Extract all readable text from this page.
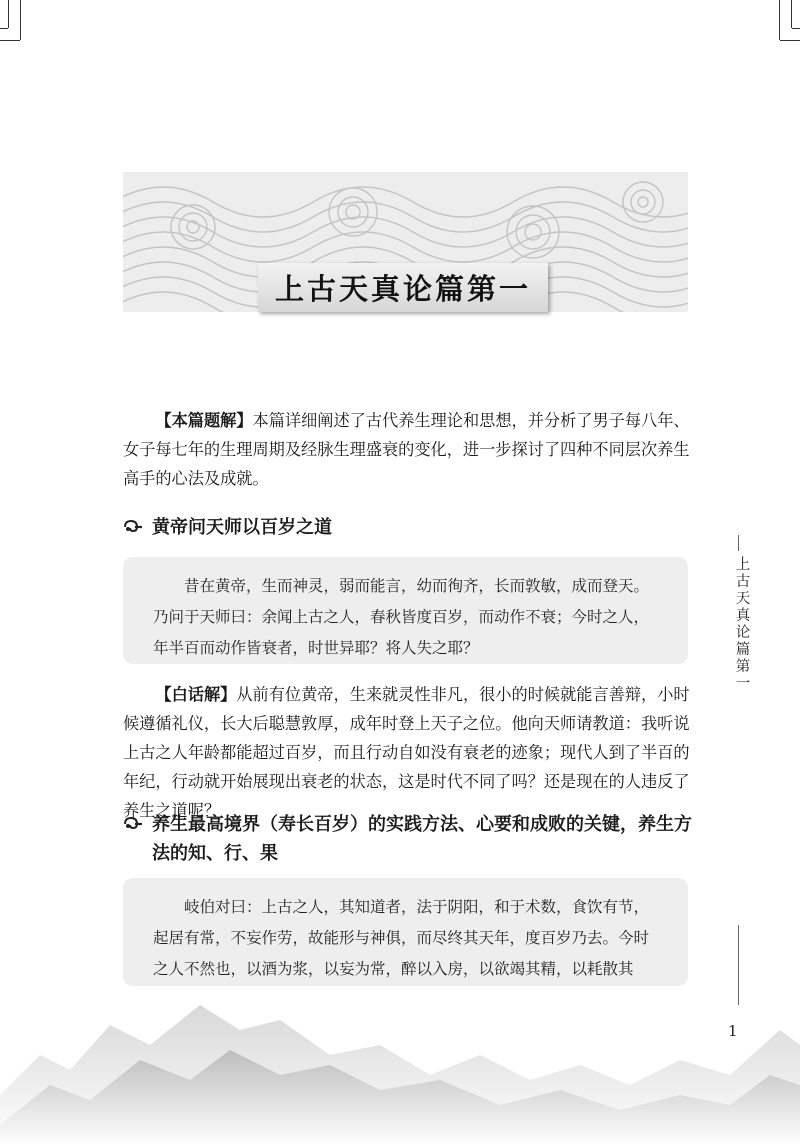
上古天真论篇第一

【本篇题解】本篇详细阐述了古代养生理论和思想，并分析了男子每八年、女子每七年的生理周期及经脉生理盛衰的变化，进一步探讨了四种不同层次养生高手的心法及成就。

黄帝问天师以百岁之道

昔在黄帝，生而神灵，弱而能言，幼而徇齐，长而敦敏，成而登天。乃问于天师曰：余闻上古之人，春秋皆度百岁，而动作不衰；今时之人，年半百而动作皆衰者，时世异耶？将人失之耶？

【白话解】从前有位黄帝，生来就灵性非凡，很小的时候就能言善辩，小时候遵循礼仪，长大后聪慧敦厚，成年时登上天子之位。他向天师请教道：我听说上古之人年龄都能超过百岁，而且行动自如没有衰老的迹象；现代人到了半百的年纪，行动就开始展现出衰老的状态，这是时代不同了吗？还是现在的人违反了养生之道呢？

养生最高境界（寿长百岁）的实践方法、心要和成败的关键，养生方法的知、行、果

岐伯对曰：上古之人，其知道者，法于阴阳，和于术数，食饮有节，起居有常，不妄作劳，故能形与神俱，而尽终其天年，度百岁乃去。今时之人不然也，以酒为浆，以妄为常，醉以入房，以欲竭其精，以耗散其

上古天真论篇第一
1
